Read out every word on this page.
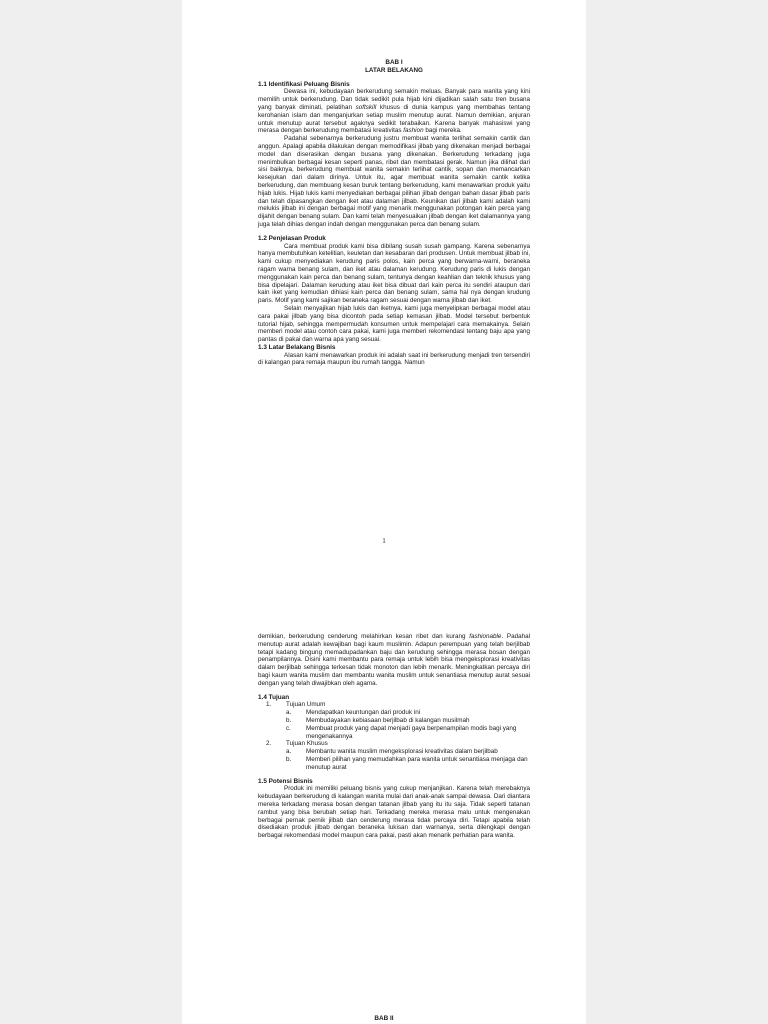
BAB I
LATAR BELAKANG
1.1 Identifikasi Peluang Bisnis

Dewasa ini, kebudayaan berkerudung semakin meluas. Banyak para wanita yang kini memilih untuk berkerudung. Dan tidak sedikit pula hijab kini dijadikan salah satu tren busana yang banyak diminati, pelatihan softskill khusus di dunia kampus yang membahas tentang kerohanian islam dan menganjurkan setiap muslim menutup aurat. Namun demikian, anjuran untuk menutup aurat tersebut agaknya sedikit terabaikan. Karena banyak mahasiswi yang merasa dengan berkerudung membatasi kreativitas fashion bagi mereka.

Padahal sebenarnya berkerudung justru membuat wanita terlihat semakin cantik dan anggun. Apalagi apabila dilakukan dengan memodifikasi jilbab yang dikenakan menjadi berbagai model dan diserasikan dengan busana yang dikenakan. Berkerudung terkadang juga menimbulkan berbagai kesan seperti panas, ribet dan membatasi gerak. Namun jika dilihat dari sisi baiknya, berkerudung membuat wanita semakin terlihat cantik, sopan dan memancarkan kesejukan dari dalam dirinya. Untuk itu, agar membuat wanita semakin cantik ketika berkerudung, dan membuang kesan buruk tentang berkerudung, kami menawarkan produk yaitu hijab lukis. Hijab lukis kami menyediakan berbagai pilihan jilbab dengan bahan dasar jilbab paris dan telah dipasangkan dengan iket atau dalaman jilbab. Keunikan dari jilbab kami adalah kami melukis jilbab ini dengan berbagai motif yang menarik menggunakan potongan kain perca yang dijahit dengan benang sulam. Dan kami telah menyesuaikan jilbab dengan iket dalamannya yang juga telah dihias dengan indah dengan menggunakan perca dan benang sulam.

1.2 Penjelasan Produk

Cara membuat produk kami bisa dibilang susah susah gampang. Karena sebenarnya hanya membutuhkan ketelitian, keuletan dan kesabaran dari produsen. Untuk membuat jilbab ini, kami cukup menyediakan kerudung paris polos, kain perca yang berwarna-warni, beraneka ragam warna benang sulam, dan iket atau dalaman kerudung. Kerudung paris di lukis dengan menggunakan kain perca dan benang sulam, tentunya dengan keahlian dan teknik khusus yang bisa dipelajari. Dalaman kerudung atau iket bisa dibuat dari kain perca itu sendiri ataupun dari kain iket yang kemudian dihiasi kain perca dan benang sulam, sama hal nya dengan krudung paris. Motif yang kami sajikan beraneka ragam sesuai dengan warna jilbab dan iket.

Selain menyajikan hijab lukis dan iketnya, kami juga menyelipkan berbagai model atau cara pakai jilbab yang bisa dicontoh pada setiap kemasan jilbab. Model tersebut berbentuk tutorial hijab, sehingga mempermudah konsumen untuk mempelajari cara memakainya. Selain memberi model atau contoh cara pakai, kami juga memberi rekomendasi tentang baju apa yang pantas di pakai dan warna apa yang sesuai.

1.3 Latar Belakang Bisnis

Alasan kami menawarkan produk ini adalah saat ini berkerudung menjadi tren tersendiri di kalangan para remaja maupun ibu rumah tangga. Namun

1

demikian, berkerudung cenderung melahirkan kesan ribet dan kurang fashionable. Padahal menutup aurat adalah kewajiban bagi kaum muslimin. Adapun perempuan yang telah berjilbab tetapi kadang bingung memadupadankan baju dan kerudung sehingga merasa bosan dengan penampilannya. Disini kami membantu para remaja untuk lebih bisa mengeksplorasi kreativitas dalam berjilbab sehingga terkesan tidak monoton dan lebih menarik. Meningkatkan percaya diri bagi kaum wanita muslim dan membantu wanita muslim untuk senantiasa menutup aurat sesuai dengan yang telah diwajibkan oleh agama.

1.4 Tujuan
1. Tujuan Umum
a. Mendapatkan keuntungan dari produk ini
b. Membudayakan kebiasaan berjilbab di kalangan musilmah
c. Membuat produk yang dapat menjadi gaya berpenampilan modis bagi yang mengenakannya
2. Tujuan Khusus
a. Membantu wanita muslim mengeksplorasi kreativitas dalam berjilbab
b. Memberi pilihan yang memudahkan para wanita untuk senantiasa menjaga dan menutup aurat
1.5 Potensi Bisnis

Produk ini memiliki peluang bisnis yang cukup menjanjikan. Karena telah merebaknya kebudayaan berkerudung di kalangan wanita mulai dari anak-anak sampai dewasa. Dari diantara mereka terkadang merasa bosan dengan tatanan jilbab yang itu itu saja. Tidak seperti tatanan rambut yang bisa berubah setiap hari. Terkadang mereka merasa malu untuk mengenakan berbagai pernak pernik jilbab dan cenderung merasa tidak percaya diri. Tetapi apabila telah disediakan produk jilbab dengan beraneka lukisan dan warnanya, serta dilengkapi dengan berbagai rekomendasi model maupun cara pakai, pasti akan menarik perhatian para wanita.

BAB II
